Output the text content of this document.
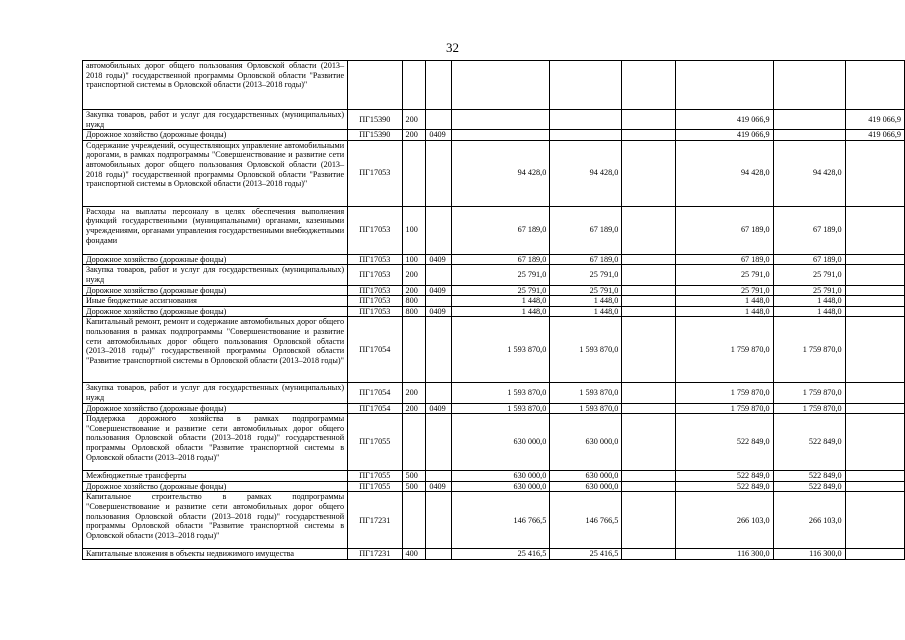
32
автомобильных дорог общего пользования Орловской области (2013–2018 годы)" государственной программы Орловской области "Развитие транспортной системы в Орловской области (2013–2018 годы)"									
Закупка товаров, работ и услуг для государственных (муниципальных) нужд	ПГ15390	200					419 066,9		419 066,9
Дорожное хозяйство (дорожные фонды)	ПГ15390	200	0409				419 066,9		419 066,9
Содержание учреждений, осуществляющих управление автомобильными дорогами, в рамках подпрограммы "Совершенствование и развитие сети автомобильных дорог общего пользования Орловской области (2013–2018 годы)" государственной программы Орловской области "Развитие транспортной системы в Орловской области (2013–2018 годы)"	ПГ17053			94 428,0	94 428,0		94 428,0	94 428,0	
Расходы на выплаты персоналу в целях обеспечения выполнения функций государственными (муниципальными) органами, казенными учреждениями, органами управления государственными внебюджетными фондами	ПГ17053	100		67 189,0	67 189,0		67 189,0	67 189,0	
Дорожное хозяйство (дорожные фонды)	ПГ17053	100	0409	67 189,0	67 189,0		67 189,0	67 189,0	
Закупка товаров, работ и услуг для государственных (муниципальных) нужд	ПГ17053	200		25 791,0	25 791,0		25 791,0	25 791,0	
Дорожное хозяйство (дорожные фонды)	ПГ17053	200	0409	25 791,0	25 791,0		25 791,0	25 791,0	
Иные бюджетные ассигнования	ПГ17053	800		1 448,0	1 448,0		1 448,0	1 448,0	
Дорожное хозяйство (дорожные фонды)	ПГ17053	800	0409	1 448,0	1 448,0		1 448,0	1 448,0	
Капитальный ремонт, ремонт и содержание автомобильных дорог общего пользования в рамках подпрограммы "Совершенствование и развитие сети автомобильных дорог общего пользования Орловской области (2013–2018 годы)" государственной программы Орловской области "Развитие транспортной системы в Орловской области (2013–2018 годы)"	ПГ17054			1 593 870,0	1 593 870,0		1 759 870,0	1 759 870,0	
Закупка товаров, работ и услуг для государственных (муниципальных) нужд	ПГ17054	200		1 593 870,0	1 593 870,0		1 759 870,0	1 759 870,0	
Дорожное хозяйство (дорожные фонды)	ПГ17054	200	0409	1 593 870,0	1 593 870,0		1 759 870,0	1 759 870,0	
Поддержка дорожного хозяйства в рамках подпрограммы "Совершенствование и развитие сети автомобильных дорог общего пользования Орловской области (2013–2018 годы)" государственной программы Орловской области "Развитие транспортной системы в Орловской области (2013–2018 годы)"	ПГ17055			630 000,0	630 000,0		522 849,0	522 849,0	
Межбюджетные трансферты	ПГ17055	500		630 000,0	630 000,0		522 849,0	522 849,0	
Дорожное хозяйство (дорожные фонды)	ПГ17055	500	0409	630 000,0	630 000,0		522 849,0	522 849,0	
Капитальное строительство в рамках подпрограммы "Совершенствование и развитие сети автомобильных дорог общего пользования Орловской области (2013–2018 годы)" государственной программы Орловской области "Развитие транспортной системы в Орловской области (2013–2018 годы)"	ПГ17231			146 766,5	146 766,5		266 103,0	266 103,0	
Капитальные вложения в объекты недвижимого имущества	ПГ17231	400		25 416,5	25 416,5		116 300,0	116 300,0	
